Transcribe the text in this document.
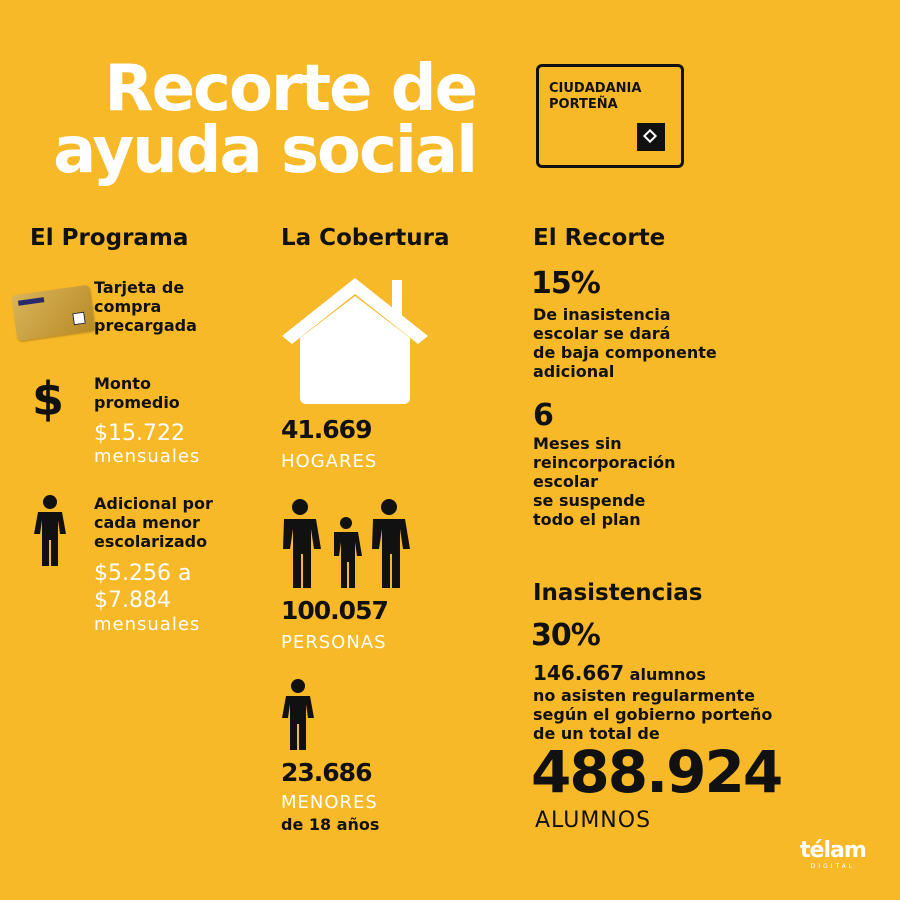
Recorte de
ayuda social
CIUDADANIA
PORTEÑA
El Programa
Tarjeta de
compra
precargada
$ Monto
promedio
$15.722
mensuales
Adicional por
cada menor
escolarizado
$5.256 a
$7.884
mensuales
La Cobertura
41.669
HOGARES
100.057
PERSONAS
23.686
MENORES
de 18 años
El Recorte
15%
De inasistencia
escolar se dará
de baja componente
adicional
6
Meses sin
reincorporación
escolar
se suspende
todo el plan
Inasistencias
30%
146.667 alumnos
no asisten regularmente
según el gobierno porteño
de un total de
488.924
ALUMNOS
télam
DIGITAL
